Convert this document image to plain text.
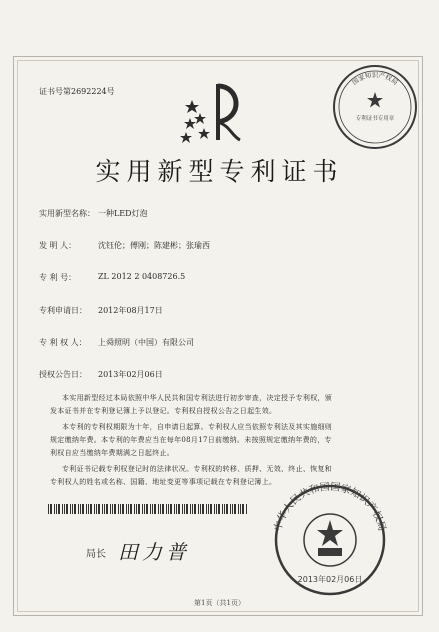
证书号第2692224号
国家知识产权局
专利证书专用章
实用新型专利证书
实用新型名称： 一种LED灯泡
发 明 人：	沈钰伦；傅刚；陈建彬；张瑜西
专 利 号：	ZL 2012 2 0408726.5
专利申请日： 2012年08月17日
专 利 权 人： 上舜照明（中国）有限公司
授权公告日： 2013年02月06日
本实用新型经过本局依照中华人民共和国专利法进行初步审查，决定授予专利权，颁
发本证书并在专利登记簿上予以登记。专利权自授权公告之日起生效。
本专利的专利权期限为十年，自申请日起算。专利权人应当依照专利法及其实施细则
规定缴纳年费。本专利的年费应当在每年08月17日前缴纳。未按照规定缴纳年费的，专
利权自应当缴纳年费期满之日起终止。
专利证书记载专利权登记时的法律状况。专利权的转移、质押、无效、终止、恢复和
专利权人的姓名或名称、国籍、地址变更等事项记载在专利登记簿上。
局长 田力普
中华人民共和国国家知识产权局
2013年02月06日
第1页（共1页）
